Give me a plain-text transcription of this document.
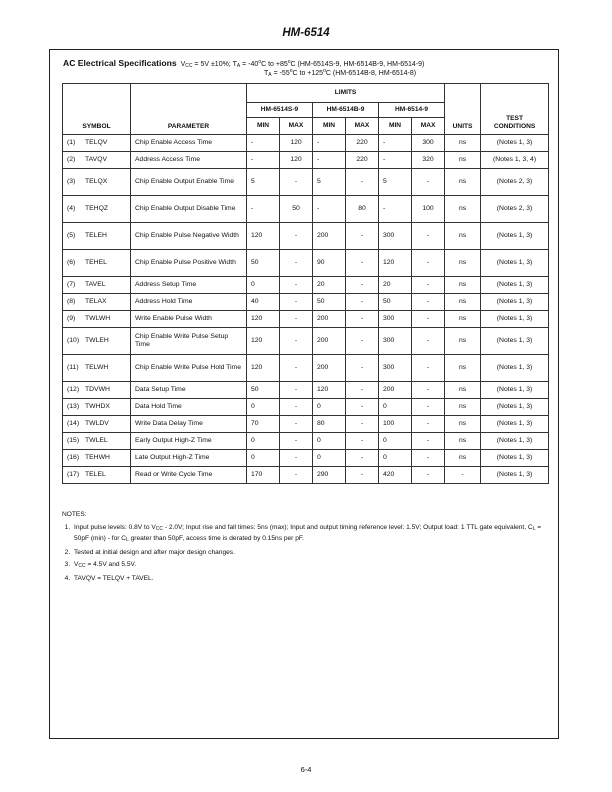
HM-6514
AC Electrical Specifications $V_{CC} = 5V \pm 10\%$; $T_A = -40^oC$ to $+85^oC$ (HM-6514S-9, HM-6514B-9, HM-6514-9)
$T_A = -55^oC$ to $+125^oC$ (HM-6514B-8, HM-6514-8)
SYMBOL	PARAMETER	LIMITS						UNITS	TEST CONDITIONS
		HM-6514S-9		HM-6514B-9		HM-6514-9			
		MIN	MAX	MIN	MAX	MIN	MAX		
(1) TELQV	Chip Enable Access Time	-	120	-	220	-	300	ns	(Notes 1, 3)
(2) TAVQV	Address Access Time	-	120	-	220	-	320	ns	(Notes 1, 3, 4)
(3) TELQX	Chip Enable Output Enable Time	5	-	5	-	5	-	ns	(Notes 2, 3)
(4) TEHQZ	Chip Enable Output Disable Time	-	50	-	80	-	100	ns	(Notes 2, 3)
(5) TELEH	Chip Enable Pulse Negative Width	120	-	200	-	300	-	ns	(Notes 1, 3)
(6) TEHEL	Chip Enable Pulse Positive Width	50	-	90	-	120	-	ns	(Notes 1, 3)
(7) TAVEL	Address Setup Time	0	-	20	-	20	-	ns	(Notes 1, 3)
(8) TELAX	Address Hold Time	40	-	50	-	50	-	ns	(Notes 1, 3)
(9) TWLWH	Write Enable Pulse Width	120	-	200	-	300	-	ns	(Notes 1, 3)
(10) TWLEH	Chip Enable Write Pulse Setup Time	120	-	200	-	300	-	ns	(Notes 1, 3)
(11) TELWH	Chip Enable Write Pulse Hold Time	120	-	200	-	300	-	ns	(Notes 1, 3)
(12) TDVWH	Data Setup Time	50	-	120	-	200	-	ns	(Notes 1, 3)
(13) TWHDX	Data Hold Time	0	-	0	-	0	-	ns	(Notes 1, 3)
(14) TWLDV	Write Data Delay Time	70	-	80	-	100	-	ns	(Notes 1, 3)
(15) TWLEL	Early Output High-Z Time	0	-	0	-	0	-	ns	(Notes 1, 3)
(16) TEHWH	Late Output High-Z Time	0	-	0	-	0	-	ns	(Notes 1, 3)
(17) TELEL	Read or Write Cycle Time	170	-	290	-	420	-	-	(Notes 1, 3)
NOTES:
1. Input pulse levels: 0.8V to $V_{CC} - 2.0V$; Input rise and fall times: 5ns (max); Input and output timing reference level: 1.5V; Output load: 1 TTL gate equivalent, $C_L = 50pF$ (min) - for $C_L$ greater than 50pF, access time is derated by 0.15ns per pF.
2. Tested at initial design and after major design changes.
3. $V_{CC} = 4.5V$ and 5.5V.
4. TAVQV = TELQV + TAVEL.
6-4
